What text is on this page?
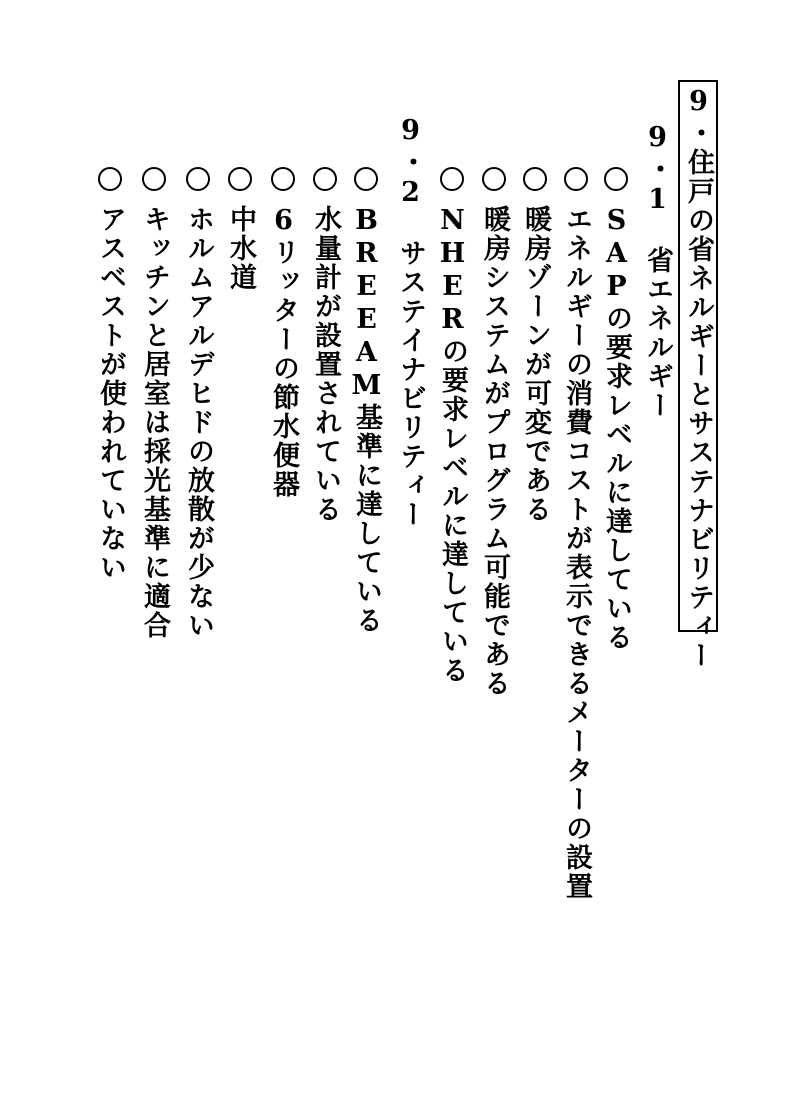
9・住戸の省ネルギーとサステナビリティー
9・1　省エネルギー
SAPの要求レベルに達している
エネルギーの消費コストが表示できるメーターの設置
暖房ゾーンが可変である
暖房システムがプログラム可能である
NHERの要求レベルに達している
9・2　サステイナビリティー
BREEAM基準に達している
水量計が設置されている
6リッターの節水便器
中水道
ホルムアルデヒドの放散が少ない
キッチンと居室は採光基準に適合
アスベストが使われていない
